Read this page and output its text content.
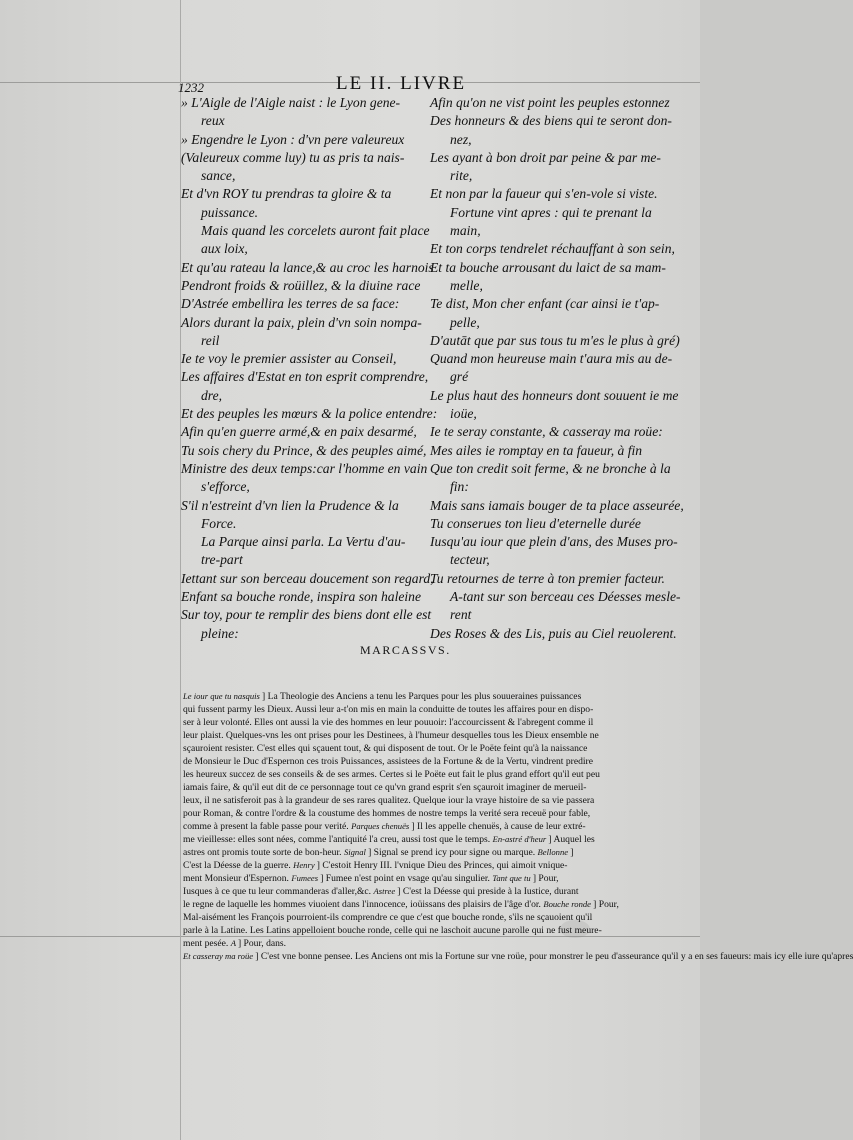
1232	LE II. LIVRE
» L'Aigle de l'Aigle naist : le Lyon gene-
reux
» Engendre le Lyon : d'vn pere valeureux
(Valeureux comme luy) tu as pris ta nais-
sance,
Et d'vn ROY tu prendras ta gloire & ta
puissance.
Mais quand les corcelets auront fait place
aux loix,
Et qu'au rateau la lance,& au croc les harnois
Pendront froids & roüillez, & la diuine race
D'Astrée embellira les terres de sa face:
Alors durant la paix, plein d'vn soin nompa-
reil
Ie te voy le premier assister au Conseil,
Les affaires d'Estat en ton esprit comprendre,
dre,
Et des peuples les mœurs & la police entendre:
Afin qu'en guerre armé,& en paix desarmé,
Tu sois chery du Prince, & des peuples aimé,
Ministre des deux temps:car l'homme en vain
s'efforce,
S'il n'estreint d'vn lien la Prudence & la
Force.
La Parque ainsi parla. La Vertu d'au-
tre-part
Iettant sur son berceau doucement son regard,
Enfant sa bouche ronde, inspira son haleine
Sur toy, pour te remplir des biens dont elle est
pleine:
Afin qu'on ne vist point les peuples estonnez
Des honneurs & des biens qui te seront don-
nez,
Les ayant à bon droit par peine & par me-
rite,
Et non par la faueur qui s'en-vole si viste.
Fortune vint apres : qui te prenant la
main,
Et ton corps tendrelet réchauffant à son sein,
Et ta bouche arrousant du laict de sa mam-
melle,
Te dist, Mon cher enfant (car ainsi ie t'ap-
pelle,
D'autāt que par sus tous tu m'es le plus à gré)
Quand mon heureuse main t'aura mis au de-
gré
Le plus haut des honneurs dont souuent ie me
ioüe,
Ie te seray constante, & casseray ma roüe:
Mes ailes ie romptay en ta faueur, à fin
Que ton credit soit ferme, & ne bronche à la
fin:
Mais sans iamais bouger de ta place asseurée,
Tu conserues ton lieu d'eternelle durée
Iusqu'au iour que plein d'ans, des Muses pro-
tecteur,
Tu retournes de terre à ton premier facteur.
A-tant sur son berceau ces Déesses mesle-
rent
Des Roses & des Lis, puis au Ciel reuolerent.
MARCASSVS.
Le iour que tu nasquis ] La Theologie des Anciens a tenu les Parques pour les plus souueraines puissances
qui fussent parmy les Dieux. Aussi leur a-t'on mis en main la conduitte de toutes les affaires pour en dispo-
ser à leur volonté. Elles ont aussi la vie des hommes en leur pouuoir: l'accourcissent & l'abregent comme il
leur plaist. Quelques-vns les ont prises pour les Destinees, à l'humeur desquelles tous les Dieux ensemble ne
sçauroient resister. C'est elles qui sçauent tout, & qui disposent de tout. Or le Poëte feint qu'à la naissance
de Monsieur le Duc d'Espernon ces trois Puissances, assistees de la Fortune & de la Vertu, vindrent predire
les heureux succez de ses conseils & de ses armes. Certes si le Poëte eut fait le plus grand effort qu'il eut peu
iamais faire, & qu'il eut dit de ce personnage tout ce qu'vn grand esprit s'en sçauroit imaginer de merueil-
leux, il ne satisferoit pas à la grandeur de ses rares qualitez. Quelque iour la vraye histoire de sa vie passera
pour Roman, & contre l'ordre & la coustume des hommes de nostre temps la verité sera receuë pour fable,
comme à present la fable passe pour verité. Parques chenuës ] Il les appelle chenuës, à cause de leur extré-
me vieillesse: elles sont nées, comme l'antiquité l'a creu, aussi tost que le temps. En-astré d'heur ] Auquel les
astres ont promis toute sorte de bon-heur. Signal ] Signal se prend icy pour signe ou marque. Bellonne ]
C'est la Déesse de la guerre. Henry ] C'estoit Henry III. l'vnique Dieu des Princes, qui aimoit vnique-
ment Monsieur d'Espernon. Fumees ] Fumee n'est point en vsage qu'au singulier. Tant que tu ] Pour,
Iusques à ce que tu leur commanderas d'aller,&c. Astree ] C'est la Déesse qui preside à la Iustice, durant
le regne de laquelle les hommes viuoient dans l'innocence, ioüissans des plaisirs de l'âge d'or. Bouche ronde ] Pour,
Mal-aisément les François pourroient-ils comprendre ce que c'est que bouche ronde, s'ils ne sçauoient qu'il
parle à la Latine. Les Latins appelloient bouche ronde, celle qui ne laschoit aucune parolle qui ne fust meure-
ment pesée. A ] Pour, dans.
Et casseray ma roüe ] C'est vne bonne pensee. Les Anciens ont mis la Fortune sur vne roüe, pour monstrer le peu d'asseurance qu'il y a en ses faueurs: mais icy elle iure qu'apres
